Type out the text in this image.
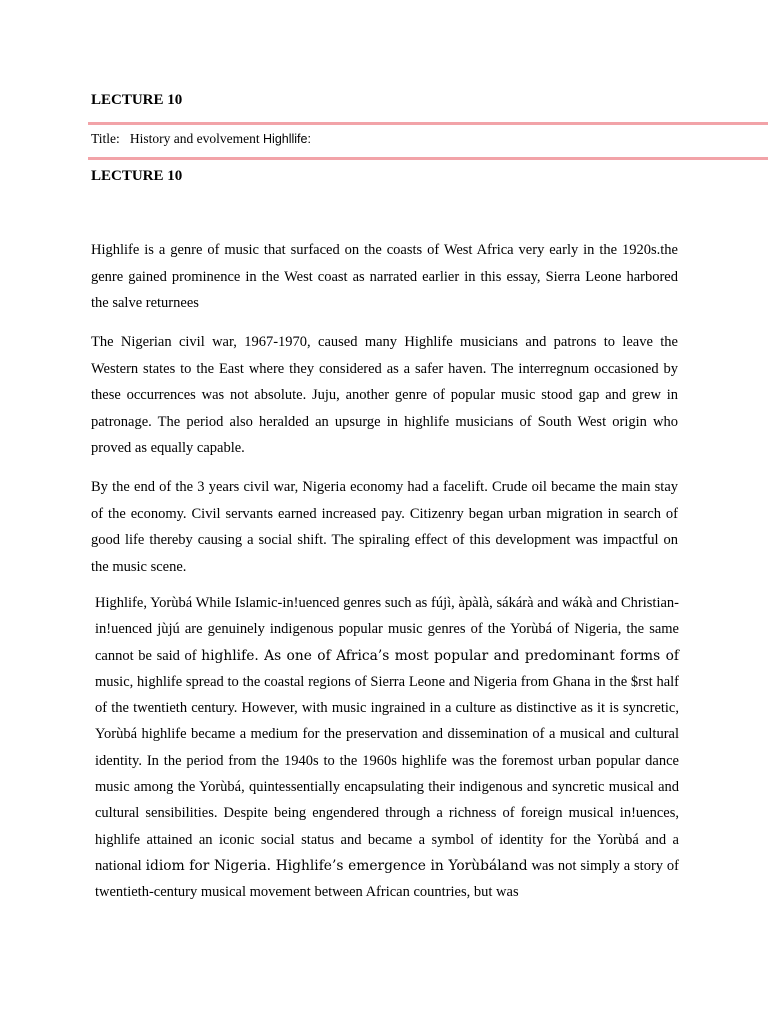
LECTURE 10
Title: History and evolvement Highllife:
LECTURE 10

Highlife is a genre of music that surfaced on the coasts of West Africa very early in the 1920s.the genre gained prominence in the West coast as narrated earlier in this essay, Sierra Leone harbored the salve returnees

The Nigerian civil war, 1967-1970, caused many Highlife musicians and patrons to leave the Western states to the East where they considered as a safer haven. The interregnum occasioned by these occurrences was not absolute. Juju, another genre of popular music stood gap and grew in patronage. The period also heralded an upsurge in highlife musicians of South West origin who proved as equally capable.

By the end of the 3 years civil war, Nigeria economy had a facelift. Crude oil became the main stay of the economy. Civil servants earned increased pay. Citizenry began urban migration in search of good life thereby causing a social shift. The spiraling effect of this development was impactful on the music scene.

Highlife, Yorùbá While Islamic-in!uenced genres such as fújì, àpàlà, sákárà and wákà and Christian-in!uenced jùjú are genuinely indigenous popular music genres of the Yorùbá of Nigeria, the same cannot be said of highlife. As one of Africa’s most popular and predominant forms of music, highlife spread to the coastal regions of Sierra Leone and Nigeria from Ghana in the $rst half of the twentieth century. However, with music ingrained in a culture as distinctive as it is syncretic, Yorùbá highlife became a medium for the preservation and dissemination of a musical and cultural identity. In the period from the 1940s to the 1960s highlife was the foremost urban popular dance music among the Yorùbá, quintessentially encapsulating their indigenous and syncretic musical and cultural sensibilities. Despite being engendered through a richness of foreign musical in!uences, highlife attained an iconic social status and became a symbol of identity for the Yorùbá and a national idiom for Nigeria. Highlife’s emergence in Yorùbáland was not simply a story of twentieth-century musical movement between African countries, but was
